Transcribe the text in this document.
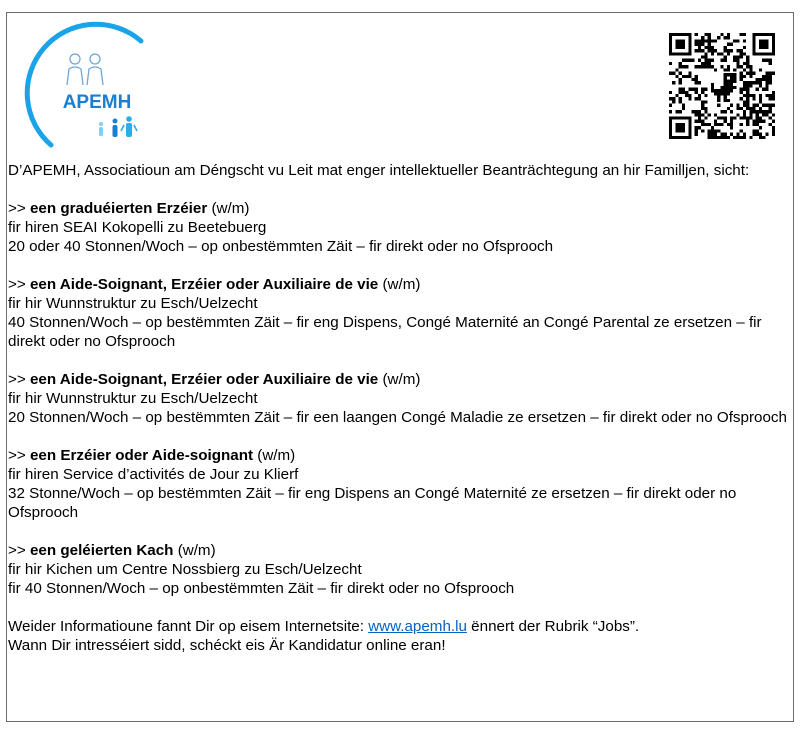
APEMH

D’APEMH, Associatioun am Déngscht vu Leit mat enger intellektueller Beanträchtegung an hir Familljen, sicht:

>> een graduéierten Erzéier (w/m)
fir hiren SEAI Kokopelli zu Beetebuerg
20 oder 40 Stonnen/Woch – op onbestëmmten Zäit – fir direkt oder no Ofsprooch

>> een Aide-Soignant, Erzéier oder Auxiliaire de vie (w/m)
fir hir Wunnstruktur zu Esch/Uelzecht
40 Stonnen/Woch – op bestëmmten Zäit – fir eng Dispens, Congé Maternité an Congé Parental ze ersetzen – fir direkt oder no Ofsprooch

>> een Aide-Soignant, Erzéier oder Auxiliaire de vie (w/m)
fir hir Wunnstruktur zu Esch/Uelzecht
20 Stonnen/Woch – op bestëmmten Zäit – fir een laangen Congé Maladie ze ersetzen – fir direkt oder no Ofsprooch

>> een Erzéier oder Aide-soignant (w/m)
fir hiren Service d’activités de Jour zu Klierf
32 Stonne/Woch – op bestëmmten Zäit – fir eng Dispens an Congé Maternité ze ersetzen – fir direkt oder no Ofsprooch

>> een geléierten Kach (w/m)
fir hir Kichen um Centre Nossbierg zu Esch/Uelzecht
fir 40 Stonnen/Woch – op onbestëmmten Zäit – fir direkt oder no Ofsprooch

Weider Informatioune fannt Dir op eisem Internetsite: www.apemh.lu ënnert der Rubrik “Jobs”.
Wann Dir intresséiert sidd, schéckt eis Är Kandidatur online eran!
